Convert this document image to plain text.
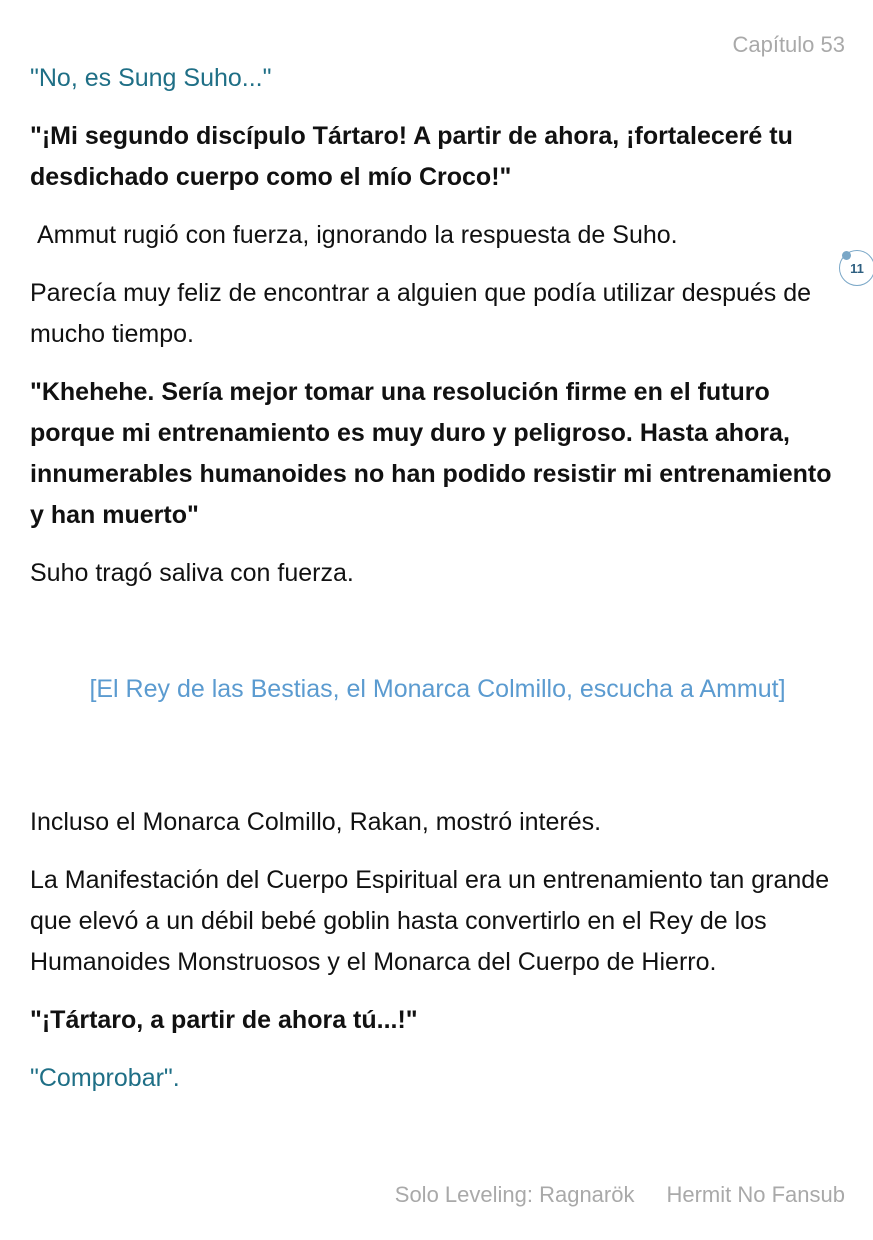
Capítulo 53
11

"No, es Sung Suho..."

"¡Mi segundo discípulo Tártaro! A partir de ahora, ¡fortaleceré tu desdichado cuerpo como el mío Croco!"

Ammut rugió con fuerza, ignorando la respuesta de Suho.

Parecía muy feliz de encontrar a alguien que podía utilizar después de mucho tiempo.

"Khehehe. Sería mejor tomar una resolución firme en el futuro porque mi entrenamiento es muy duro y peligroso. Hasta ahora, innumerables humanoides no han podido resistir mi entrenamiento y han muerto"

Suho tragó saliva con fuerza.

[El Rey de las Bestias, el Monarca Colmillo, escucha a Ammut]

Incluso el Monarca Colmillo, Rakan, mostró interés.

La Manifestación del Cuerpo Espiritual era un entrenamiento tan grande que elevó a un débil bebé goblin hasta convertirlo en el Rey de los Humanoides Monstruosos y el Monarca del Cuerpo de Hierro.

"¡Tártaro, a partir de ahora tú...!"

"Comprobar".

Solo Leveling: Ragnarök Hermit No Fansub
